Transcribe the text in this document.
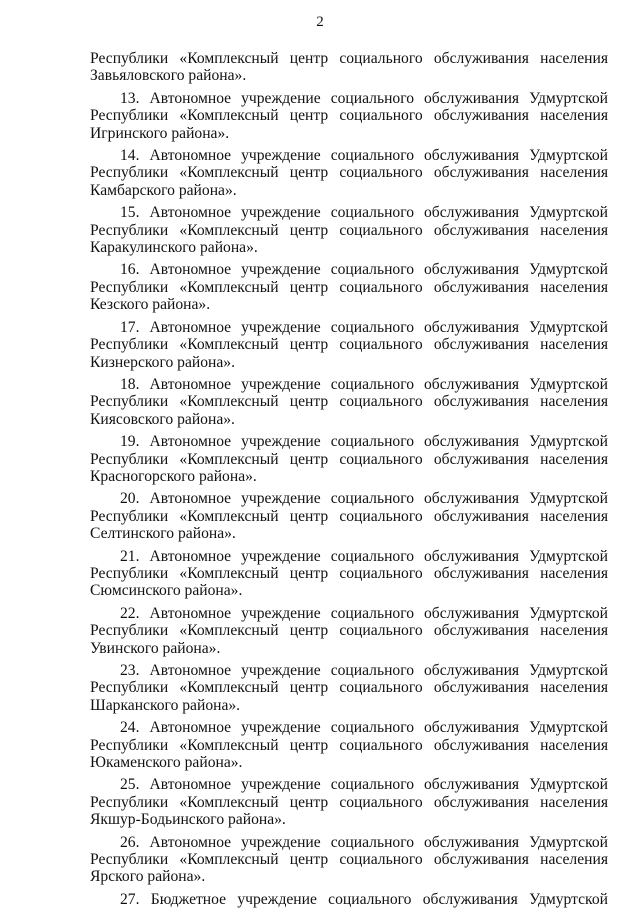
2

Республики «Комплексный центр социального обслуживания населения Завьяловского района».

13. Автономное учреждение социального обслуживания Удмуртской Республики «Комплексный центр социального обслуживания населения Игринского района».

14. Автономное учреждение социального обслуживания Удмуртской Республики «Комплексный центр социального обслуживания населения Камбарского района».

15. Автономное учреждение социального обслуживания Удмуртской Республики «Комплексный центр социального обслуживания населения Каракулинского района».

16. Автономное учреждение социального обслуживания Удмуртской Республики «Комплексный центр социального обслуживания населения Кезского района».

17. Автономное учреждение социального обслуживания Удмуртской Республики «Комплексный центр социального обслуживания населения Кизнерского района».

18. Автономное учреждение социального обслуживания Удмуртской Республики «Комплексный центр социального обслуживания населения Киясовского района».

19. Автономное учреждение социального обслуживания Удмуртской Республики «Комплексный центр социального обслуживания населения Красногорского района».

20. Автономное учреждение социального обслуживания Удмуртской Республики «Комплексный центр социального обслуживания населения Селтинского района».

21. Автономное учреждение социального обслуживания Удмуртской Республики «Комплексный центр социального обслуживания населения Сюмсинского района».

22. Автономное учреждение социального обслуживания Удмуртской Республики «Комплексный центр социального обслуживания населения Увинского района».

23. Автономное учреждение социального обслуживания Удмуртской Республики «Комплексный центр социального обслуживания населения Шарканского района».

24. Автономное учреждение социального обслуживания Удмуртской Республики «Комплексный центр социального обслуживания населения Юкаменского района».

25. Автономное учреждение социального обслуживания Удмуртской Республики «Комплексный центр социального обслуживания населения Якшур-Бодьинского района».

26. Автономное учреждение социального обслуживания Удмуртской Республики «Комплексный центр социального обслуживания населения Ярского района».

27. Бюджетное учреждение социального обслуживания Удмуртской
